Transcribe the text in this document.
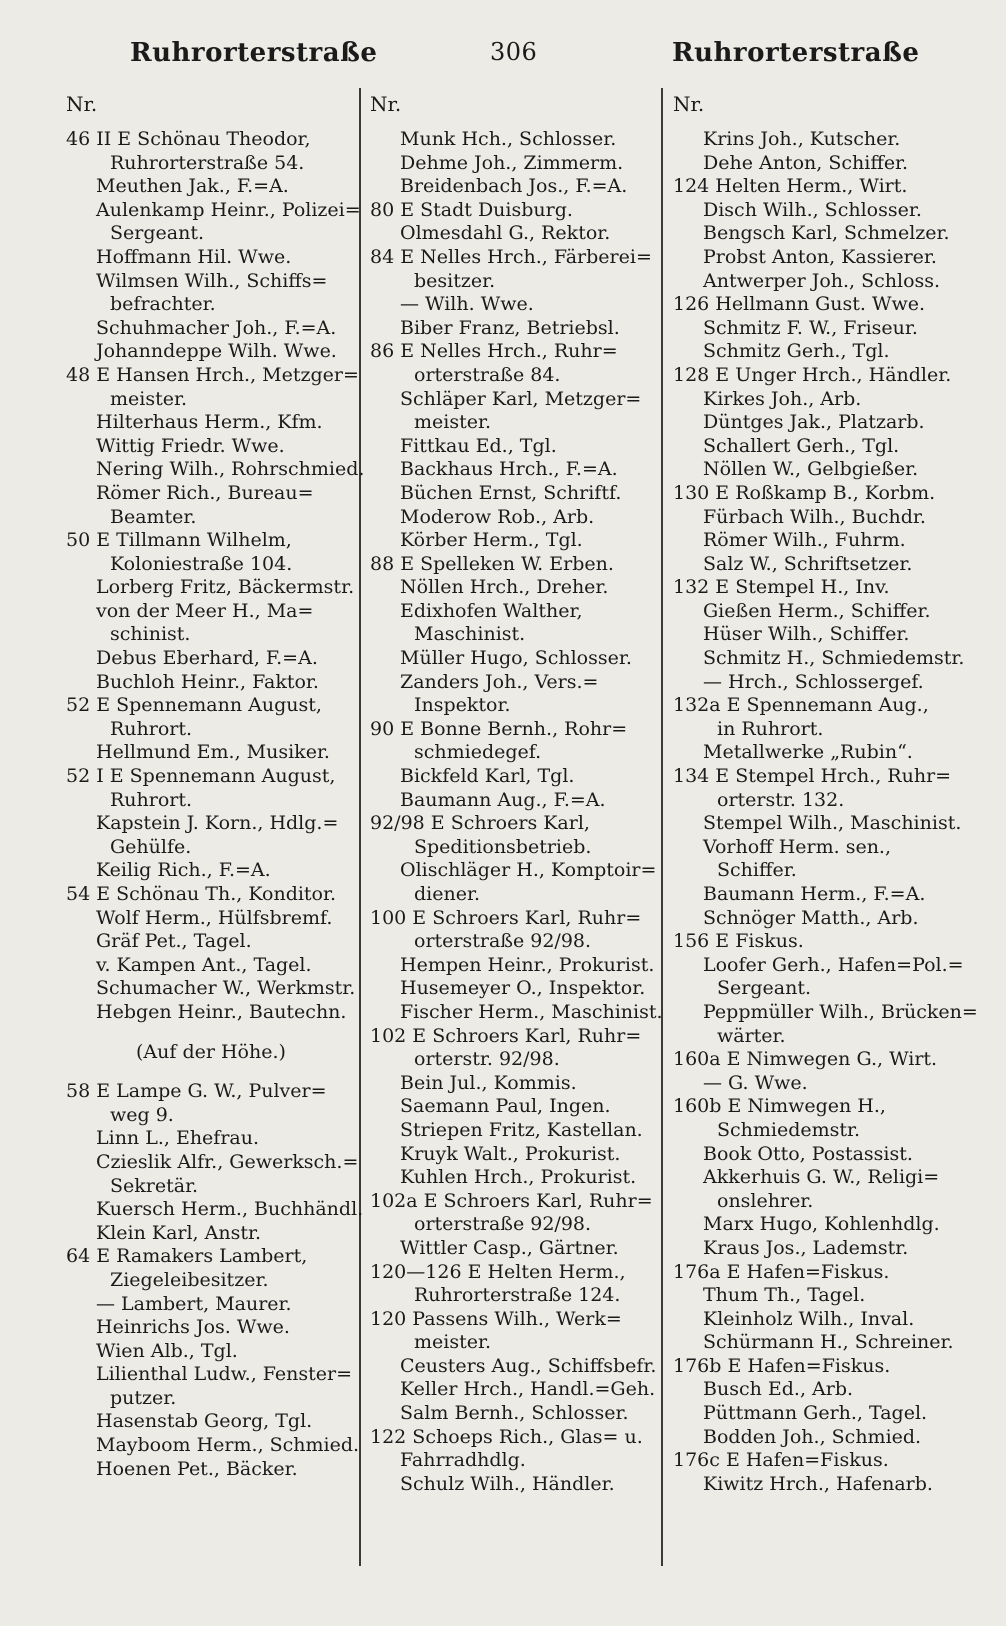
Ruhrorterstraße	306	Ruhrorterstraße
Nr.	Nr.	Nr.
46 II E Schönau Theodor,
Ruhrorterstraße 54.
Meuthen Jak., F.=A.
Aulenkamp Heinr., Polizei=
Sergeant.
Hoffmann Hil. Wwe.
Wilmsen Wilh., Schiffs=
befrachter.
Schuhmacher Joh., F.=A.
Johanndeppe Wilh. Wwe.
48 E Hansen Hrch., Metzger=
meister.
Hilterhaus Herm., Kfm.
Wittig Friedr. Wwe.
Nering Wilh., Rohrschmied.
Römer Rich., Bureau=
Beamter.
50 E Tillmann Wilhelm,
Koloniestraße 104.
Lorberg Fritz, Bäckermstr.
von der Meer H., Ma=
schinist.
Debus Eberhard, F.=A.
Buchloh Heinr., Faktor.
52 E Spennemann August,
Ruhrort.
Hellmund Em., Musiker.
52 I E Spennemann August,
Ruhrort.
Kapstein J. Korn., Hdlg.=
Gehülfe.
Keilig Rich., F.=A.
54 E Schönau Th., Konditor.
Wolf Herm., Hülfsbremf.
Gräf Pet., Tagel.
v. Kampen Ant., Tagel.
Schumacher W., Werkmstr.
Hebgen Heinr., Bautechn.
(Auf der Höhe.)
58 E Lampe G. W., Pulver=
weg 9.
Linn L., Ehefrau.
Czieslik Alfr., Gewerksch.=
Sekretär.
Kuersch Herm., Buchhändl.
Klein Karl, Anstr.
64 E Ramakers Lambert,
Ziegeleibesitzer.
— Lambert, Maurer.
Heinrichs Jos. Wwe.
Wien Alb., Tgl.
Lilienthal Ludw., Fenster=
putzer.
Hasenstab Georg, Tgl.
Mayboom Herm., Schmied.
Hoenen Pet., Bäcker.
Munk Hch., Schlosser.
Dehme Joh., Zimmerm.
Breidenbach Jos., F.=A.
80 E Stadt Duisburg.
Olmesdahl G., Rektor.
84 E Nelles Hrch., Färberei=
besitzer.
— Wilh. Wwe.
Biber Franz, Betriebsl.
86 E Nelles Hrch., Ruhr=
orterstraße 84.
Schläper Karl, Metzger=
meister.
Fittkau Ed., Tgl.
Backhaus Hrch., F.=A.
Büchen Ernst, Schriftf.
Moderow Rob., Arb.
Körber Herm., Tgl.
88 E Spelleken W. Erben.
Nöllen Hrch., Dreher.
Edixhofen Walther,
Maschinist.
Müller Hugo, Schlosser.
Zanders Joh., Vers.=
Inspektor.
90 E Bonne Bernh., Rohr=
schmiedegef.
Bickfeld Karl, Tgl.
Baumann Aug., F.=A.
92/98 E Schroers Karl,
Speditionsbetrieb.
Olischläger H., Komptoir=
diener.
100 E Schroers Karl, Ruhr=
orterstraße 92/98.
Hempen Heinr., Prokurist.
Husemeyer O., Inspektor.
Fischer Herm., Maschinist.
102 E Schroers Karl, Ruhr=
orterstr. 92/98.
Bein Jul., Kommis.
Saemann Paul, Ingen.
Striepen Fritz, Kastellan.
Kruyk Walt., Prokurist.
Kuhlen Hrch., Prokurist.
102a E Schroers Karl, Ruhr=
orterstraße 92/98.
Wittler Casp., Gärtner.
120—126 E Helten Herm.,
Ruhrorterstraße 124.
120 Passens Wilh., Werk=
meister.
Ceusters Aug., Schiffsbefr.
Keller Hrch., Handl.=Geh.
Salm Bernh., Schlosser.
122 Schoeps Rich., Glas= u.
Fahrradhdlg.
Schulz Wilh., Händler.
Krins Joh., Kutscher.
Dehe Anton, Schiffer.
124 Helten Herm., Wirt.
Disch Wilh., Schlosser.
Bengsch Karl, Schmelzer.
Probst Anton, Kassierer.
Antwerper Joh., Schloss.
126 Hellmann Gust. Wwe.
Schmitz F. W., Friseur.
Schmitz Gerh., Tgl.
128 E Unger Hrch., Händler.
Kirkes Joh., Arb.
Düntges Jak., Platzarb.
Schallert Gerh., Tgl.
Nöllen W., Gelbgießer.
130 E Roßkamp B., Korbm.
Fürbach Wilh., Buchdr.
Römer Wilh., Fuhrm.
Salz W., Schriftsetzer.
132 E Stempel H., Inv.
Gießen Herm., Schiffer.
Hüser Wilh., Schiffer.
Schmitz H., Schmiedemstr.
— Hrch., Schlossergef.
132a E Spennemann Aug.,
in Ruhrort.
Metallwerke „Rubin“.
134 E Stempel Hrch., Ruhr=
orterstr. 132.
Stempel Wilh., Maschinist.
Vorhoff Herm. sen.,
Schiffer.
Baumann Herm., F.=A.
Schnöger Matth., Arb.
156 E Fiskus.
Loofer Gerh., Hafen=Pol.=
Sergeant.
Peppmüller Wilh., Brücken=
wärter.
160a E Nimwegen G., Wirt.
— G. Wwe.
160b E Nimwegen H.,
Schmiedemstr.
Book Otto, Postassist.
Akkerhuis G. W., Religi=
onslehrer.
Marx Hugo, Kohlenhdlg.
Kraus Jos., Lademstr.
176a E Hafen=Fiskus.
Thum Th., Tagel.
Kleinholz Wilh., Inval.
Schürmann H., Schreiner.
176b E Hafen=Fiskus.
Busch Ed., Arb.
Püttmann Gerh., Tagel.
Bodden Joh., Schmied.
176c E Hafen=Fiskus.
Kiwitz Hrch., Hafenarb.
